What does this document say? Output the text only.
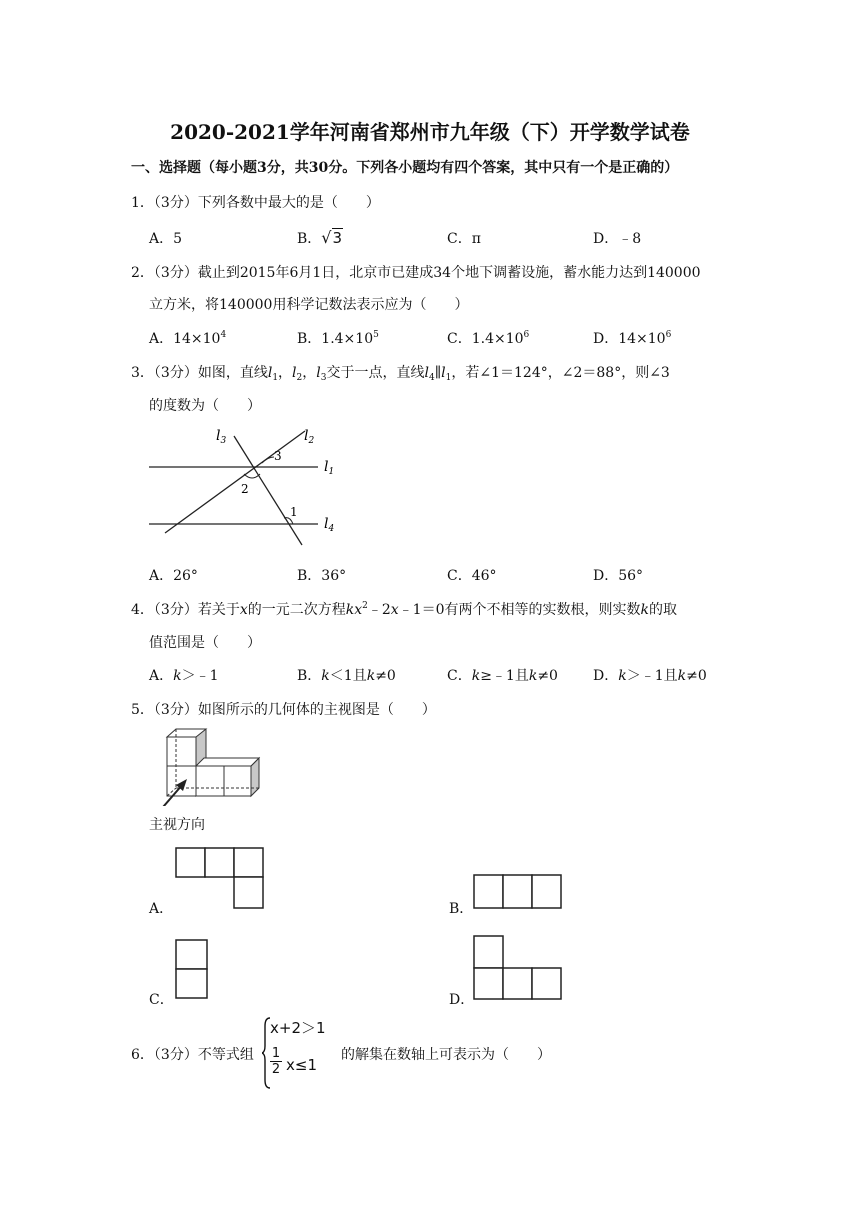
2020-2021学年河南省郑州市九年级（下）开学数学试卷
一、选择题（每小题3分，共30分。下列各小题均有四个答案，其中只有一个是正确的）
1．（3分）下列各数中最大的是（　　）
A．5	B．√3	C．π	D．﹣8
2．（3分）截止到2015年6月1日，北京市已建成34个地下调蓄设施，蓄水能力达到140000
立方米，将140000用科学记数法表示应为（　　）
A．$14\times 10^4$	B．$1.4\times 10^5$	C．$1.4\times 10^6$	D．$14\times 10^6$
3．（3分）如图，直线$l_1$，$l_2$，$l_3$交于一点，直线$l_4\parallel l_1$，若∠1＝124°，∠2＝88°，则∠3
的度数为（　　）
$l_3$	$l_2$
$l_1$
$l_4$
3
2
1
A．26°	B．36°	C．46°	D．56°
4．（3分）若关于x的一元二次方程$kx^2﹣2x﹣1=0$有两个不相等的实数根，则实数k的取
值范围是（　　）
A．k＞﹣1	B．k＜1且k≠0	C．k≥﹣1且k≠0	D．k＞﹣1且k≠0
5．（3分）如图所示的几何体的主视图是（　　）
主视方向
A．	B．
C．	D．
6．（3分）不等式组
x+2＞1
$\frac{1}{2} x\le 1$
的解集在数轴上可表示为（　　）
